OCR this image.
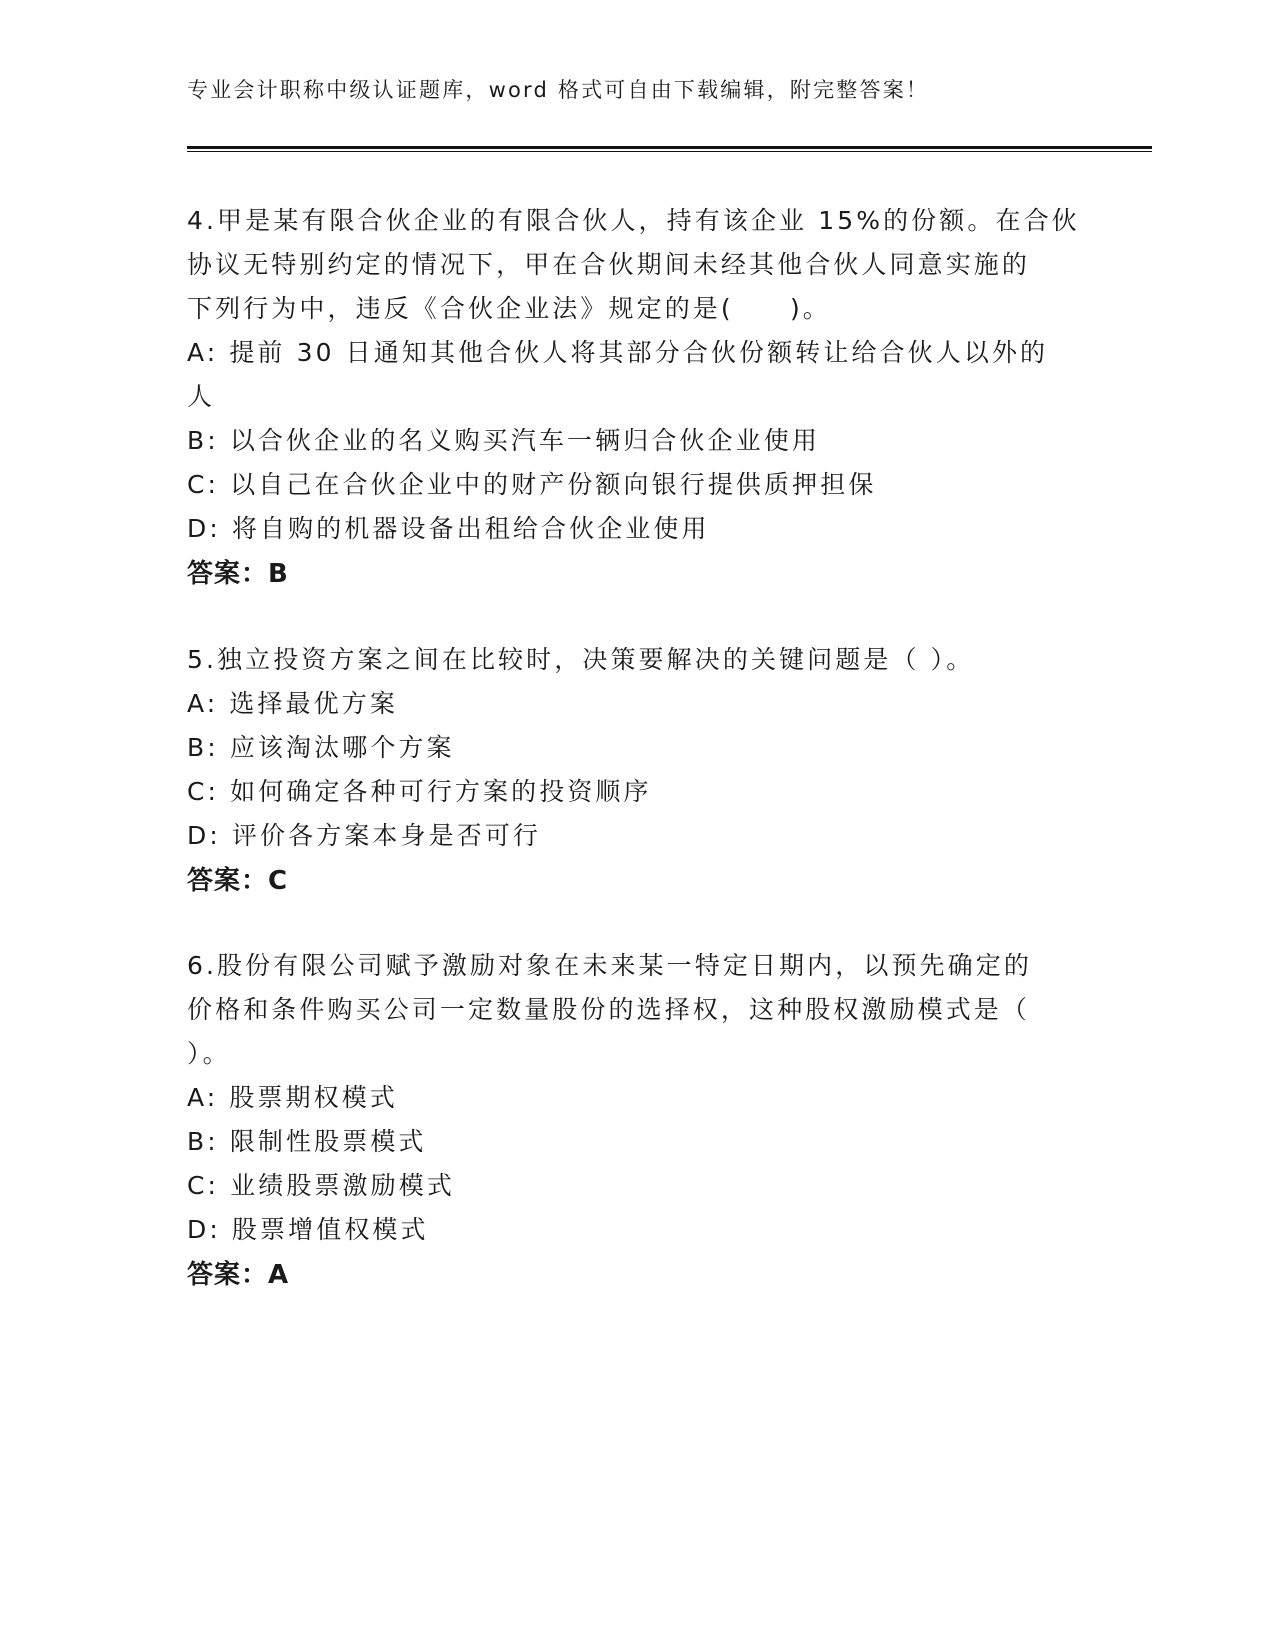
专业会计职称中级认证题库，word 格式可自由下载编辑，附完整答案！
4.甲是某有限合伙企业的有限合伙人，持有该企业 15%的份额。在合伙
协议无特别约定的情况下，甲在合伙期间未经其他合伙人同意实施的
下列行为中，违反《合伙企业法》规定的是(　　)。
A: 提前 30 日通知其他合伙人将其部分合伙份额转让给合伙人以外的
人
B: 以合伙企业的名义购买汽车一辆归合伙企业使用
C: 以自己在合伙企业中的财产份额向银行提供质押担保
D: 将自购的机器设备出租给合伙企业使用
答案：B
5.独立投资方案之间在比较时，决策要解决的关键问题是（ ）。
A: 选择最优方案
B: 应该淘汰哪个方案
C: 如何确定各种可行方案的投资顺序
D: 评价各方案本身是否可行
答案：C
6.股份有限公司赋予激励对象在未来某一特定日期内，以预先确定的
价格和条件购买公司一定数量股份的选择权，这种股权激励模式是（
）。
A: 股票期权模式
B: 限制性股票模式
C: 业绩股票激励模式
D: 股票增值权模式
答案：A
